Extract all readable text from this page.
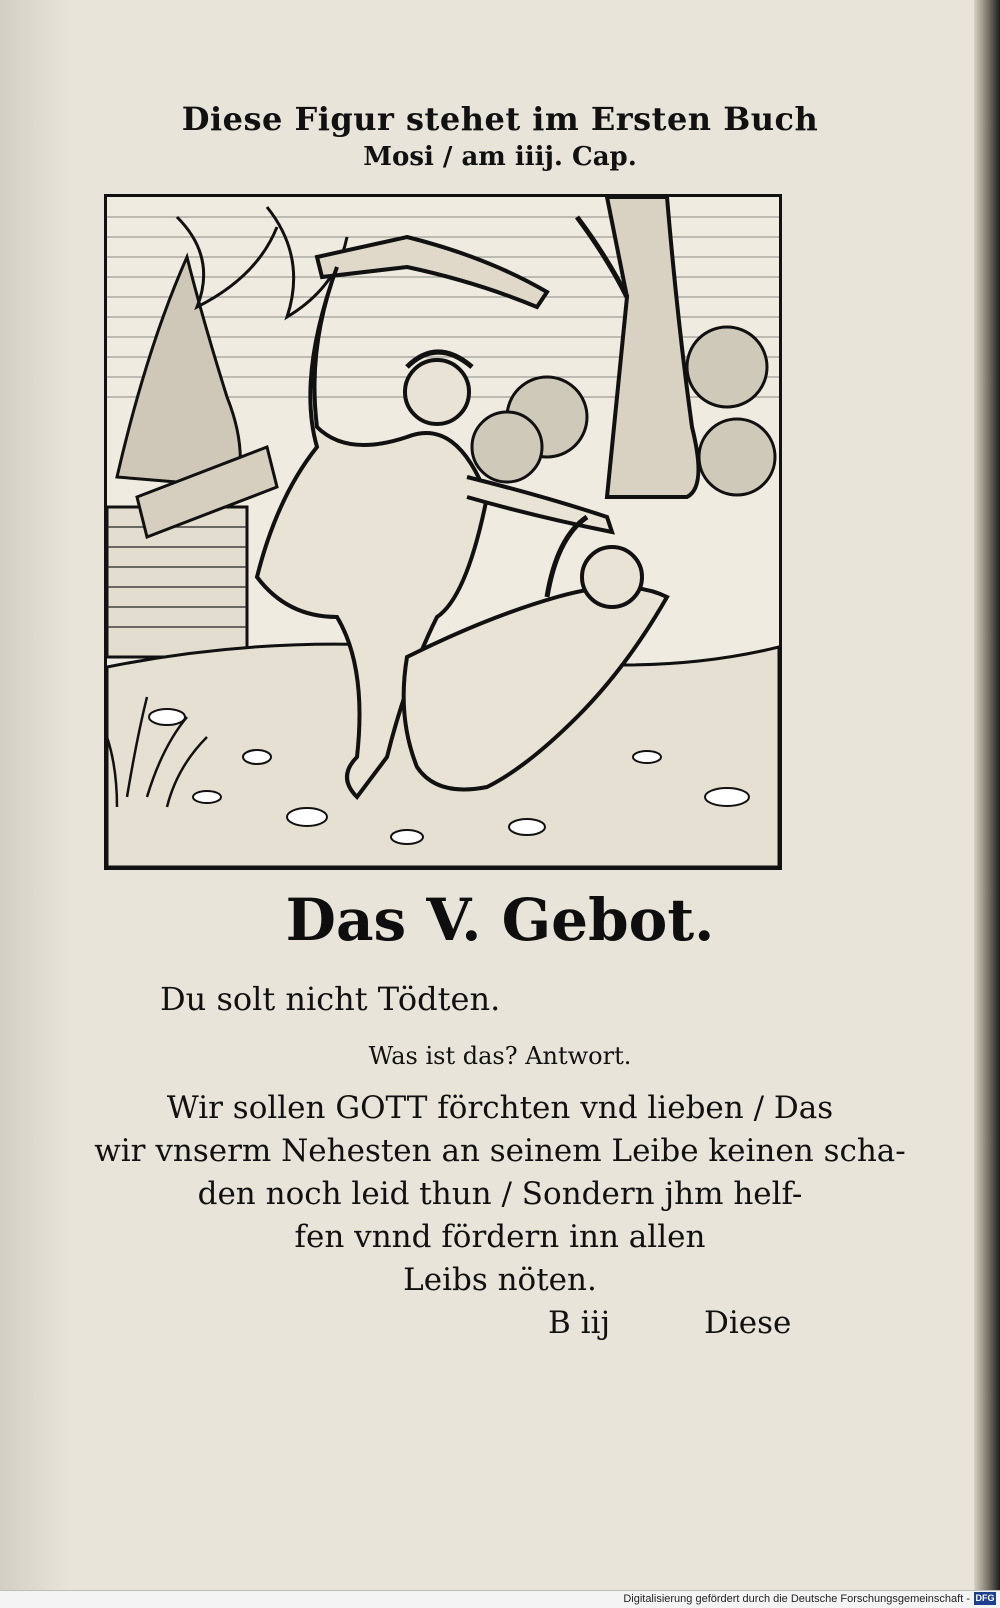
Diese Figur stehet im Ersten Buch
Mosi / am iiij. Cap.
Das V. Gebot.
Du solt nicht Tödten.
Was ist das? Antwort.
Wir sollen GOTT förchten vnd lieben / Das
wir vnserm Nehesten an seinem Leibe keinen scha-
den noch leid thun / Sondern jhm helf-
fen vnnd fördern inn allen
Leibs nöten.
B iij	Diese
Digitalisierung gefördert durch die Deutsche Forschungsgemeinschaft - DFG
